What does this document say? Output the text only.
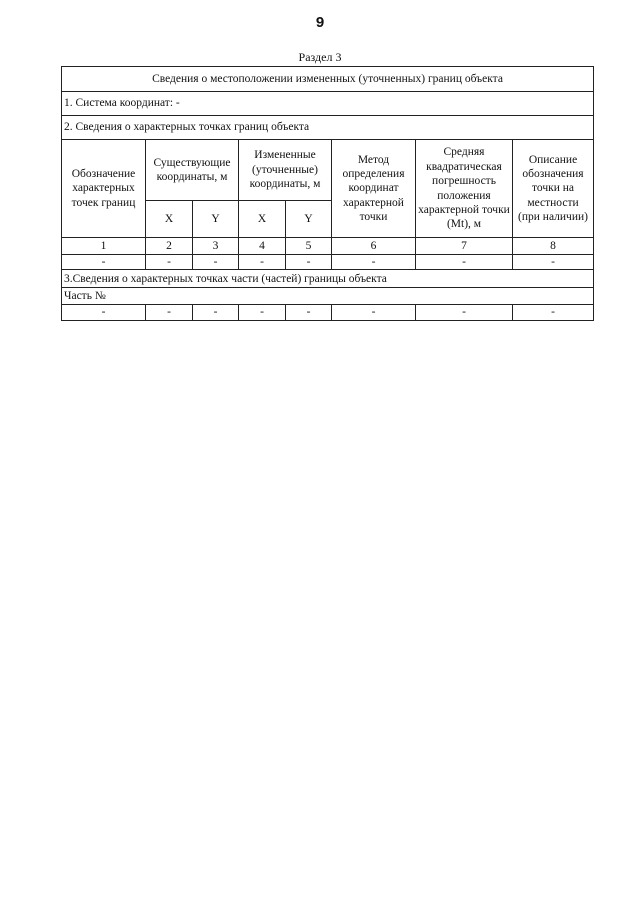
9
Раздел 3
Сведения о местоположении измененных (уточненных) границ объекта							
1. Система координат: -							
2. Сведения о характерных точках границ объекта							
Обозначение характерных точек границ	Существующие координаты, м		Измененные (уточненные) координаты, м		Метод определения координат характерной точки	Средняя квадратическая погрешность положения характерной точки (Mt), м	Описание обозначения точки на местности (при наличии)
	X	Y	X	Y			
1	2	3	4	5	6	7	8
-	-	-	-	-	-	-	-
3.Сведения о характерных точках части (частей) границы объекта							
Часть №							
-	-	-	-	-	-	-	-
